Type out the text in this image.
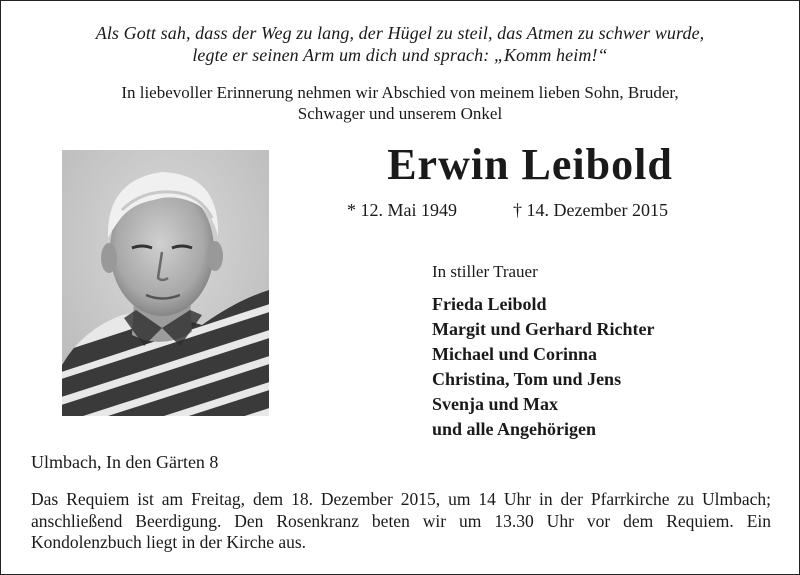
Als Gott sah, dass der Weg zu lang, der Hügel zu steil, das Atmen zu schwer wurde,
legte er seinen Arm um dich und sprach: „Komm heim!“
In liebevoller Erinnerung nehmen wir Abschied von meinem lieben Sohn, Bruder,
Schwager und unserem Onkel
Erwin Leibold
* 12. Mai 1949	† 14. Dezember 2015
In stiller Trauer
Frieda Leibold
Margit und Gerhard Richter
Michael und Corinna
Christina, Tom und Jens
Svenja und Max
und alle Angehörigen
Ulmbach, In den Gärten 8
Das Requiem ist am Freitag, dem 18. Dezember 2015, um 14 Uhr in der Pfarrkirche zu Ulmbach; anschließend Beerdigung. Den Rosenkranz beten wir um 13.30 Uhr vor dem Requiem. Ein Kondolenzbuch liegt in der Kirche aus.
